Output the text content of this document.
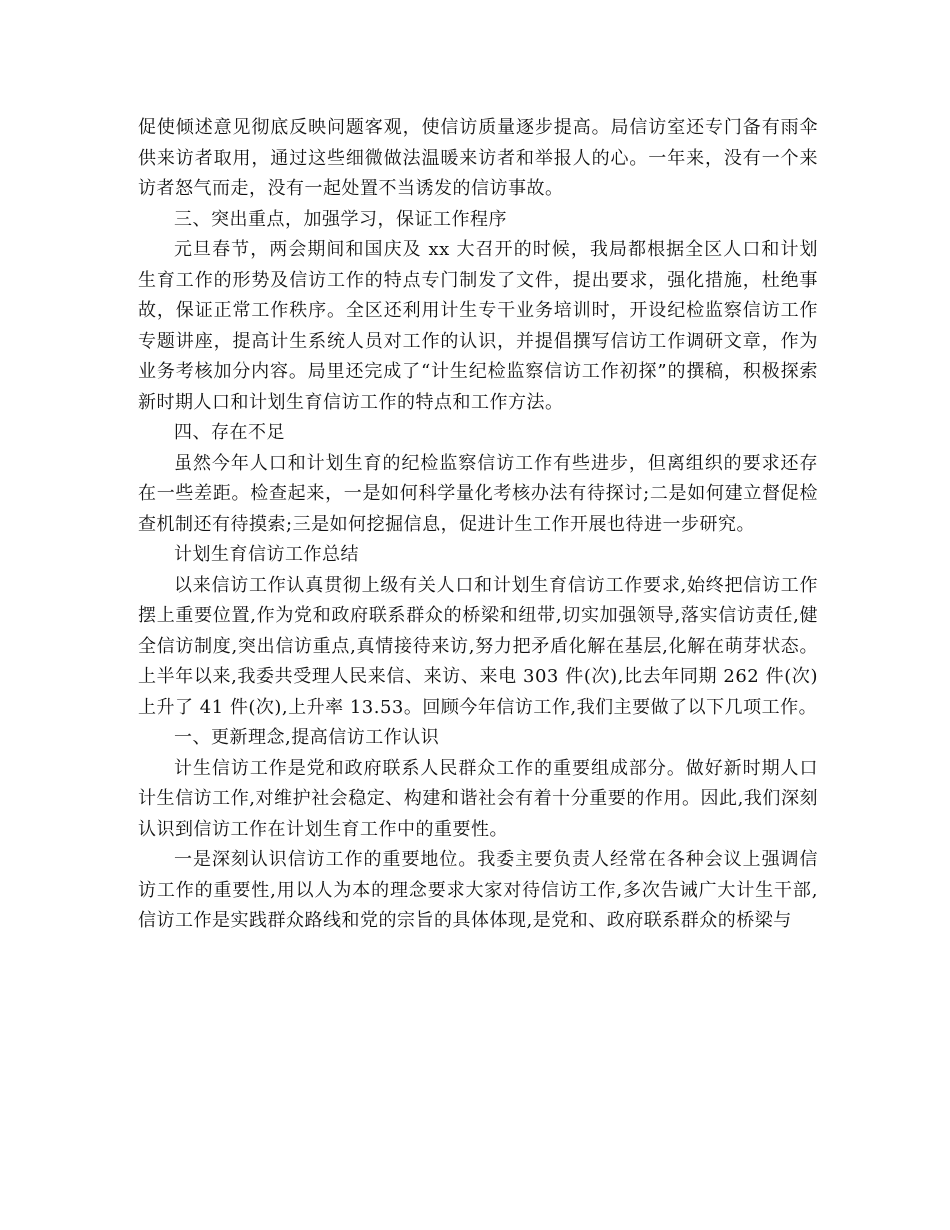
促使倾述意见彻底反映问题客观，使信访质量逐步提高。局信访室还专门备有雨伞供来访者取用，通过这些细微做法温暖来访者和举报人的心。一年来，没有一个来访者怒气而走，没有一起处置不当诱发的信访事故。

三、突出重点，加强学习，保证工作程序

元旦春节，两会期间和国庆及 xx 大召开的时候，我局都根据全区人口和计划生育工作的形势及信访工作的特点专门制发了文件，提出要求，强化措施，杜绝事故，保证正常工作秩序。全区还利用计生专干业务培训时，开设纪检监察信访工作专题讲座，提高计生系统人员对工作的认识，并提倡撰写信访工作调研文章，作为业务考核加分内容。局里还完成了“计生纪检监察信访工作初探”的撰稿，积极探索新时期人口和计划生育信访工作的特点和工作方法。

四、存在不足

虽然今年人口和计划生育的纪检监察信访工作有些进步，但离组织的要求还存在一些差距。检查起来，一是如何科学量化考核办法有待探讨;二是如何建立督促检查机制还有待摸索;三是如何挖掘信息，促进计生工作开展也待进一步研究。

计划生育信访工作总结

以来信访工作认真贯彻上级有关人口和计划生育信访工作要求,始终把信访工作摆上重要位置,作为党和政府联系群众的桥梁和纽带,切实加强领导,落实信访责任,健全信访制度,突出信访重点,真情接待来访,努力把矛盾化解在基层,化解在萌芽状态。上半年以来,我委共受理人民来信、来访、来电 303 件(次),比去年同期 262 件(次)上升了 41 件(次),上升率 13.53。回顾今年信访工作,我们主要做了以下几项工作。

一、更新理念,提高信访工作认识

计生信访工作是党和政府联系人民群众工作的重要组成部分。做好新时期人口计生信访工作,对维护社会稳定、构建和谐社会有着十分重要的作用。因此,我们深刻认识到信访工作在计划生育工作中的重要性。

一是深刻认识信访工作的重要地位。我委主要负责人经常在各种会议上强调信访工作的重要性,用以人为本的理念要求大家对待信访工作,多次告诫广大计生干部,信访工作是实践群众路线和党的宗旨的具体体现,是党和、政府联系群众的桥梁与
